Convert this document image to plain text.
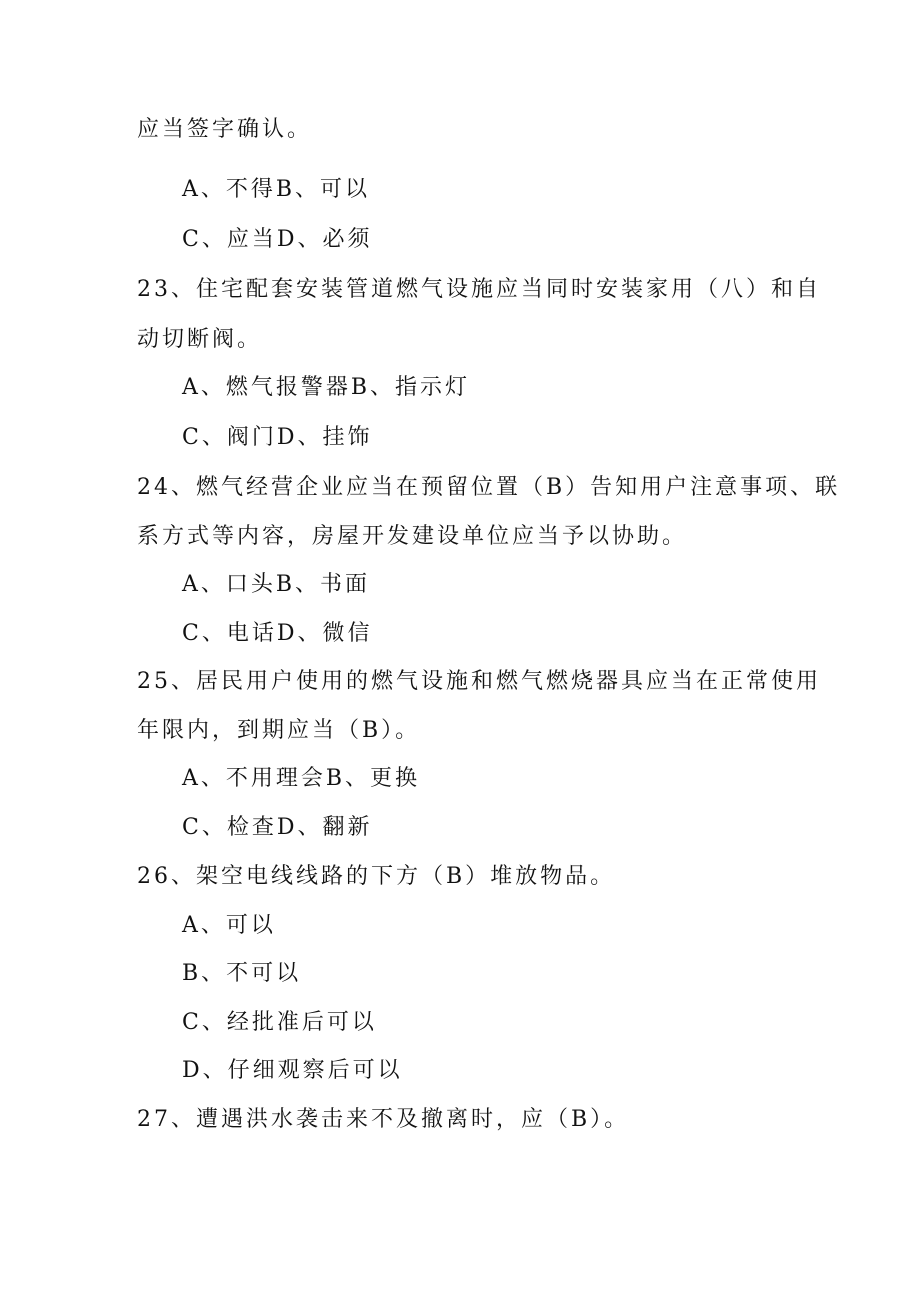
应当签字确认。
A、不得B、可以
C、应当D、必须
23、住宅配套安装管道燃气设施应当同时安装家用（八）和自
动切断阀。
A、燃气报警器B、指示灯
C、阀门D、挂饰
24、燃气经营企业应当在预留位置（B）告知用户注意事项、联
系方式等内容，房屋开发建设单位应当予以协助。
A、口头B、书面
C、电话D、微信
25、居民用户使用的燃气设施和燃气燃烧器具应当在正常使用
年限内，到期应当（B）。
A、不用理会B、更换
C、检查D、翻新
26、架空电线线路的下方（B）堆放物品。
A、可以
B、不可以
C、经批准后可以
D、仔细观察后可以
27、遭遇洪水袭击来不及撤离时，应（B）。
